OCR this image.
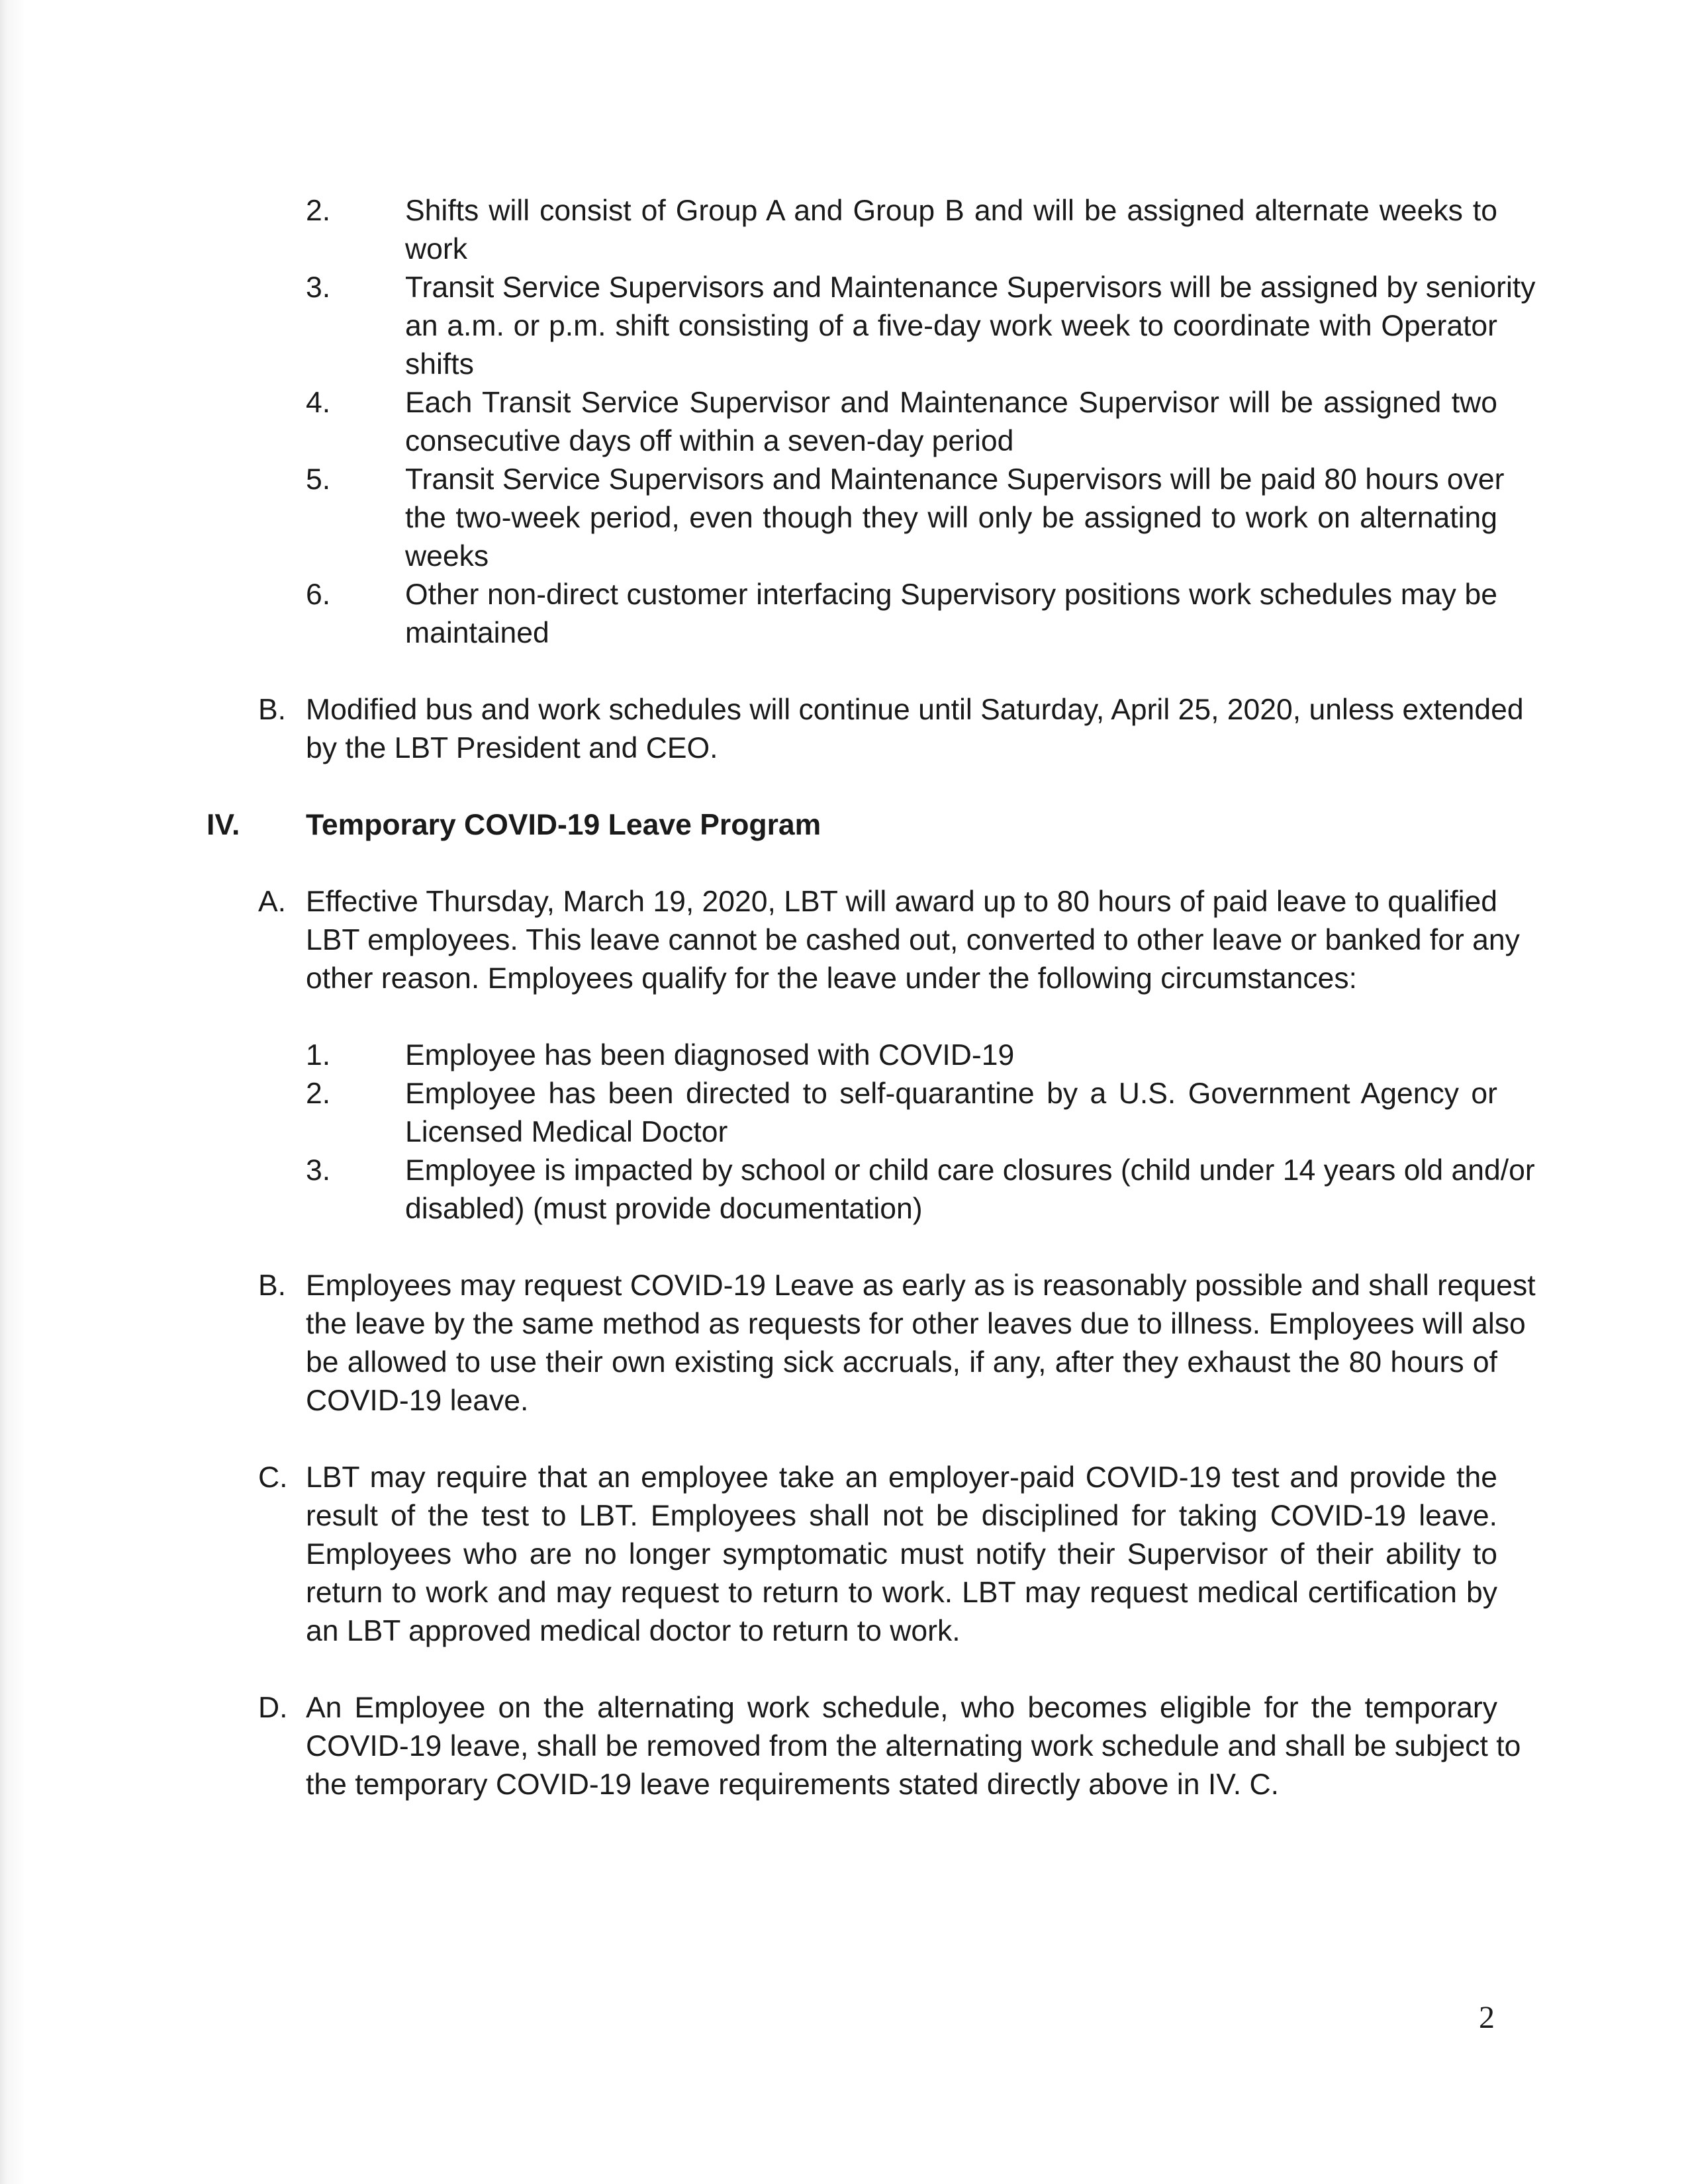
2.	Shifts will consist of Group A and Group B and will be assigned alternate weeks to
work
3.	Transit Service Supervisors and Maintenance Supervisors will be assigned by seniority
an a.m. or p.m. shift consisting of a five-day work week to coordinate with Operator
shifts
4.	Each Transit Service Supervisor and Maintenance Supervisor will be assigned two
consecutive days off within a seven-day period
5.	Transit Service Supervisors and Maintenance Supervisors will be paid 80 hours over
the two-week period, even though they will only be assigned to work on alternating
weeks
6.	Other non-direct customer interfacing Supervisory positions work schedules may be
maintained
B. Modified bus and work schedules will continue until Saturday, April 25, 2020, unless extended
by the LBT President and CEO.
IV. Temporary COVID-19 Leave Program
A. Effective Thursday, March 19, 2020, LBT will award up to 80 hours of paid leave to qualified
LBT employees. This leave cannot be cashed out, converted to other leave or banked for any
other reason. Employees qualify for the leave under the following circumstances:
1.	Employee has been diagnosed with COVID-19
2.	Employee has been directed to self-quarantine by a U.S. Government Agency or
Licensed Medical Doctor
3.	Employee is impacted by school or child care closures (child under 14 years old and/or
disabled) (must provide documentation)
B. Employees may request COVID-19 Leave as early as is reasonably possible and shall request
the leave by the same method as requests for other leaves due to illness. Employees will also
be allowed to use their own existing sick accruals, if any, after they exhaust the 80 hours of
COVID-19 leave.
C. LBT may require that an employee take an employer-paid COVID-19 test and provide the
result of the test to LBT. Employees shall not be disciplined for taking COVID-19 leave.
Employees who are no longer symptomatic must notify their Supervisor of their ability to
return to work and may request to return to work. LBT may request medical certification by
an LBT approved medical doctor to return to work.
D. An Employee on the alternating work schedule, who becomes eligible for the temporary
COVID-19 leave, shall be removed from the alternating work schedule and shall be subject to
the temporary COVID-19 leave requirements stated directly above in IV. C.
2
